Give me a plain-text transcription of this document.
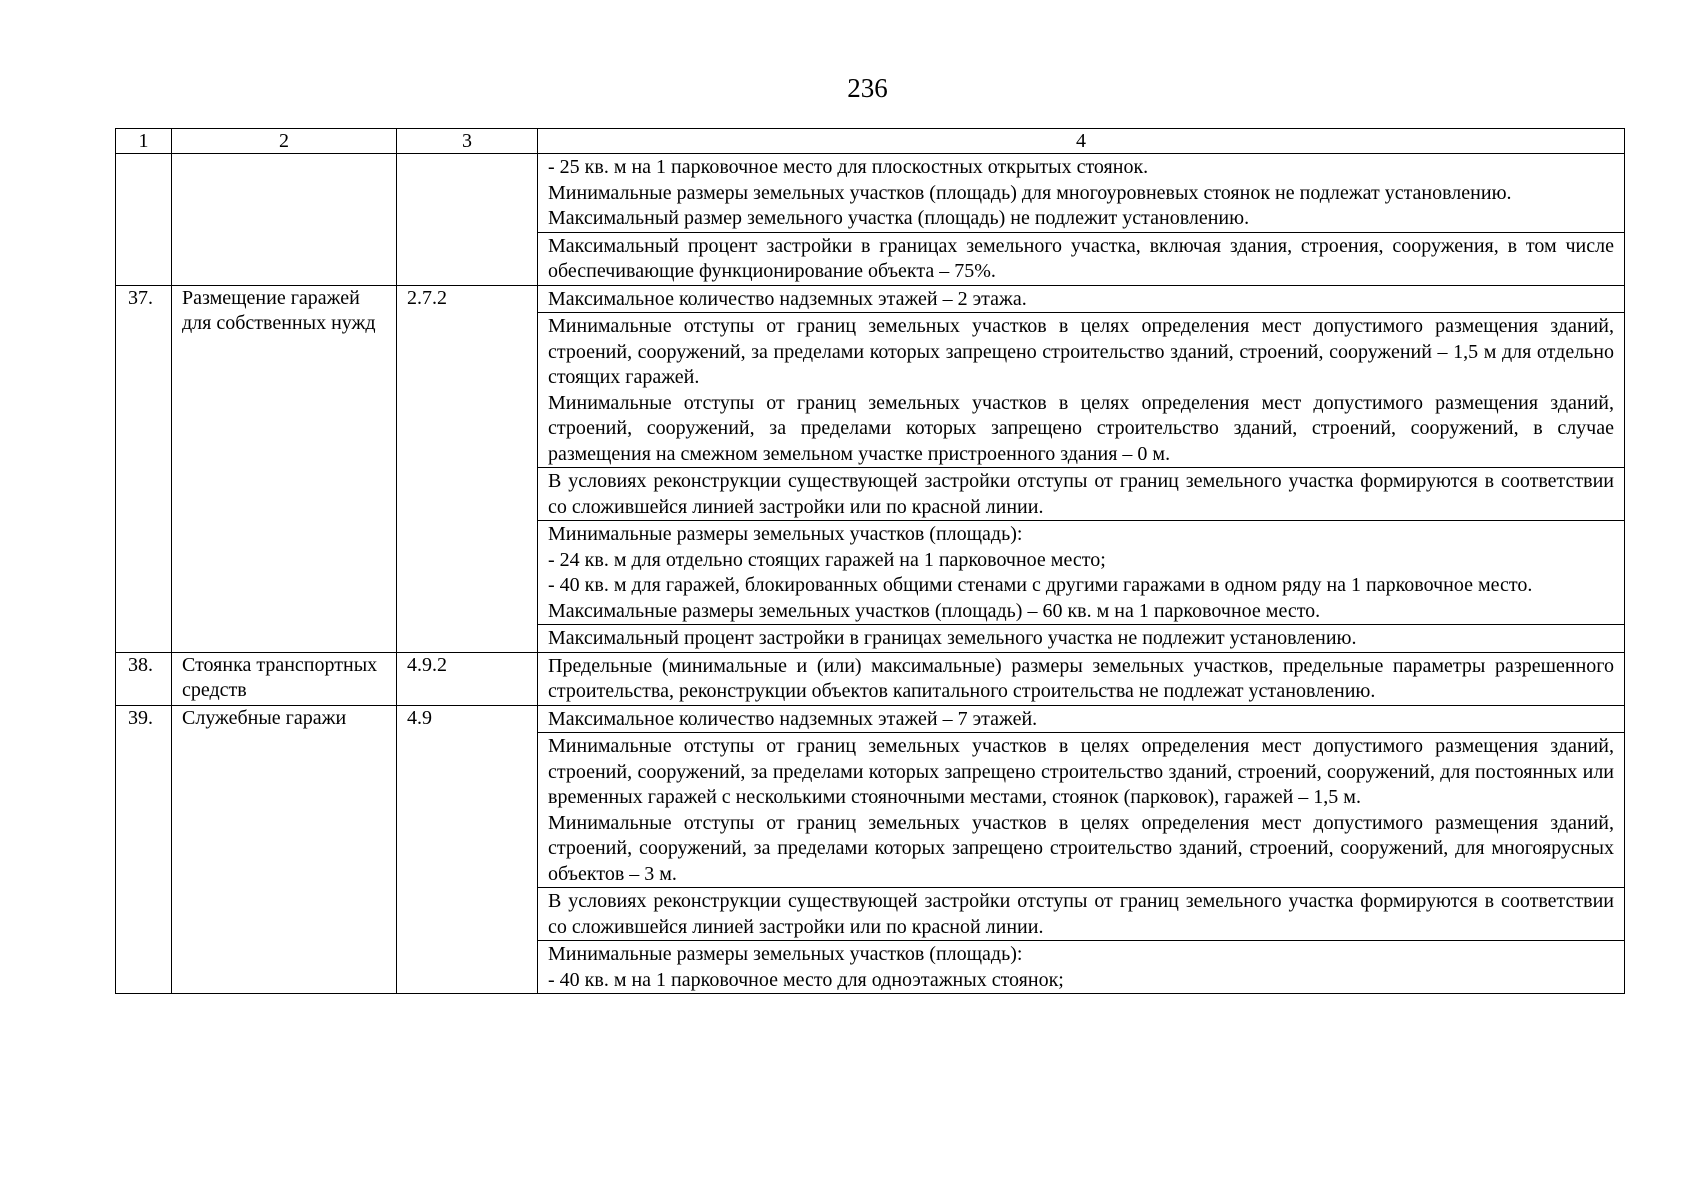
236
1	2	3	4

			- 25 кв. м на 1 парковочное место для плоскостных открытых стоянок.
Минимальные размеры земельных участков (площадь) для многоуровневых стоянок не подлежат установлению.
Максимальный размер земельного участка (площадь) не подлежит установлению.

			Максимальный процент застройки в границах земельного участка, включая здания, строения, сооружения, в том числе обеспечивающие функционирование объекта – 75%.

37.	Размещение гаражей для собственных нужд	2.7.2	Максимальное количество надземных этажей – 2 этажа.

			Минимальные отступы от границ земельных участков в целях определения мест допустимого размещения зданий, строений, сооружений, за пределами которых запрещено строительство зданий, строений, сооружений – 1,5 м для отдельно стоящих гаражей.
Минимальные отступы от границ земельных участков в целях определения мест допустимого размещения зданий, строений, сооружений, за пределами которых запрещено строительство зданий, строений, сооружений, в случае размещения на смежном земельном участке пристроенного здания – 0 м.

			В условиях реконструкции существующей застройки отступы от границ земельного участка формируются в соответствии со сложившейся линией застройки или по красной линии.

			Минимальные размеры земельных участков (площадь):
- 24 кв. м для отдельно стоящих гаражей на 1 парковочное место;
- 40 кв. м для гаражей, блокированных общими стенами с другими гаражами в одном ряду на 1 парковочное место.
Максимальные размеры земельных участков (площадь) – 60 кв. м на 1 парковочное место.

			Максимальный процент застройки в границах земельного участка не подлежит установлению.

38.	Стоянка транспортных средств	4.9.2	Предельные (минимальные и (или) максимальные) размеры земельных участков, предельные параметры разрешенного строительства, реконструкции объектов капитального строительства не подлежат установлению.

39.	Служебные гаражи	4.9	Максимальное количество надземных этажей – 7 этажей.

			Минимальные отступы от границ земельных участков в целях определения мест допустимого размещения зданий, строений, сооружений, за пределами которых запрещено строительство зданий, строений, сооружений, для постоянных или временных гаражей с несколькими стояночными местами, стоянок (парковок), гаражей – 1,5 м.
Минимальные отступы от границ земельных участков в целях определения мест допустимого размещения зданий, строений, сооружений, за пределами которых запрещено строительство зданий, строений, сооружений, для многоярусных объектов – 3 м.

			В условиях реконструкции существующей застройки отступы от границ земельного участка формируются в соответствии со сложившейся линией застройки или по красной линии.

			Минимальные размеры земельных участков (площадь):
- 40 кв. м на 1 парковочное место для одноэтажных стоянок;
